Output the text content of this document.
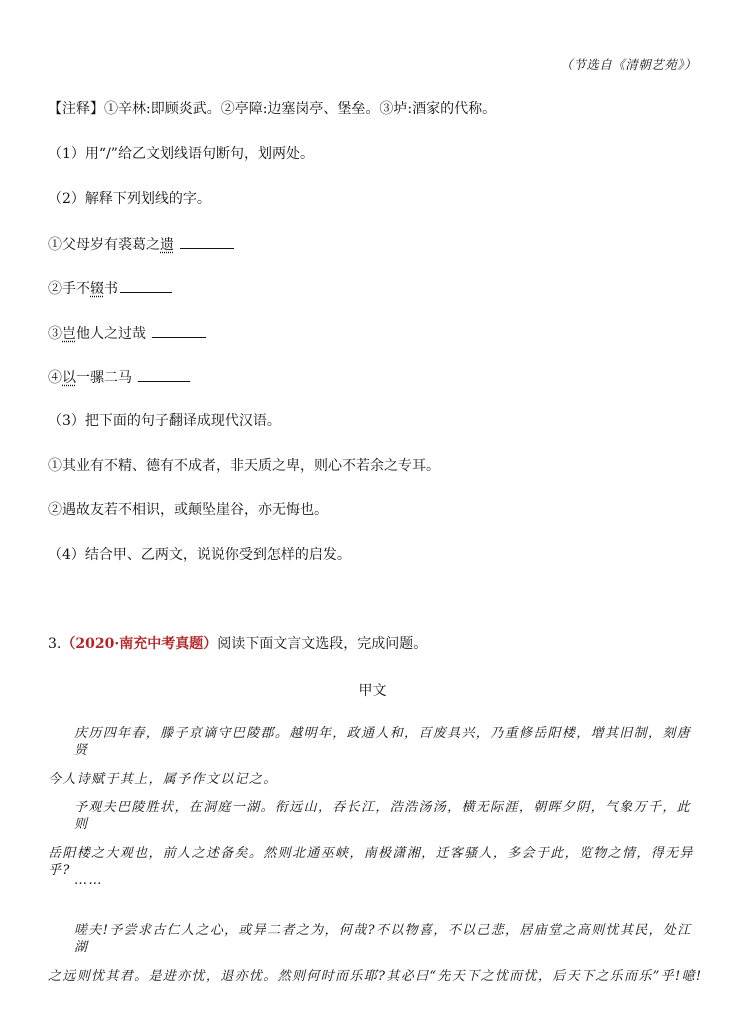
（节选自《清朝艺苑》）
【注释】①辛林:即顾炎武。②亭障:边塞岗亭、堡垒。③垆:酒家的代称。
（1）用“/”给乙文划线语句断句，划两处。
（2）解释下列划线的字。
①父母岁有裘葛之遗
②手不辍书
③岂他人之过哉
④以一骡二马
（3）把下面的句子翻译成现代汉语。
①其业有不精、德有不成者，非天质之卑，则心不若余之专耳。
②遇故友若不相识，或颠坠崖谷，亦无悔也。
（4）结合甲、乙两文，说说你受到怎样的启发。
3.（2020·南充中考真题）阅读下面文言文选段，完成问题。
甲文
庆历四年春，滕子京谪守巴陵郡。越明年，政通人和，百废具兴，乃重修岳阳楼，增其旧制，刻唐贤
今人诗赋于其上，属予作文以记之。
予观夫巴陵胜状，在洞庭一湖。衔远山，吞长江，浩浩汤汤，横无际涯，朝晖夕阴，气象万千，此则
岳阳楼之大观也，前人之述备矣。然则北通巫峡，南极潇湘，迁客骚人，多会于此，览物之情，得无异乎?
……
嗟夫!予尝求古仁人之心，或异二者之为，何哉?不以物喜，不以己悲，居庙堂之高则忧其民，处江湖
之远则忧其君。是进亦忧，退亦忧。然则何时而乐耶?其必曰“先天下之忧而忧，后天下之乐而乐”乎!噫!
